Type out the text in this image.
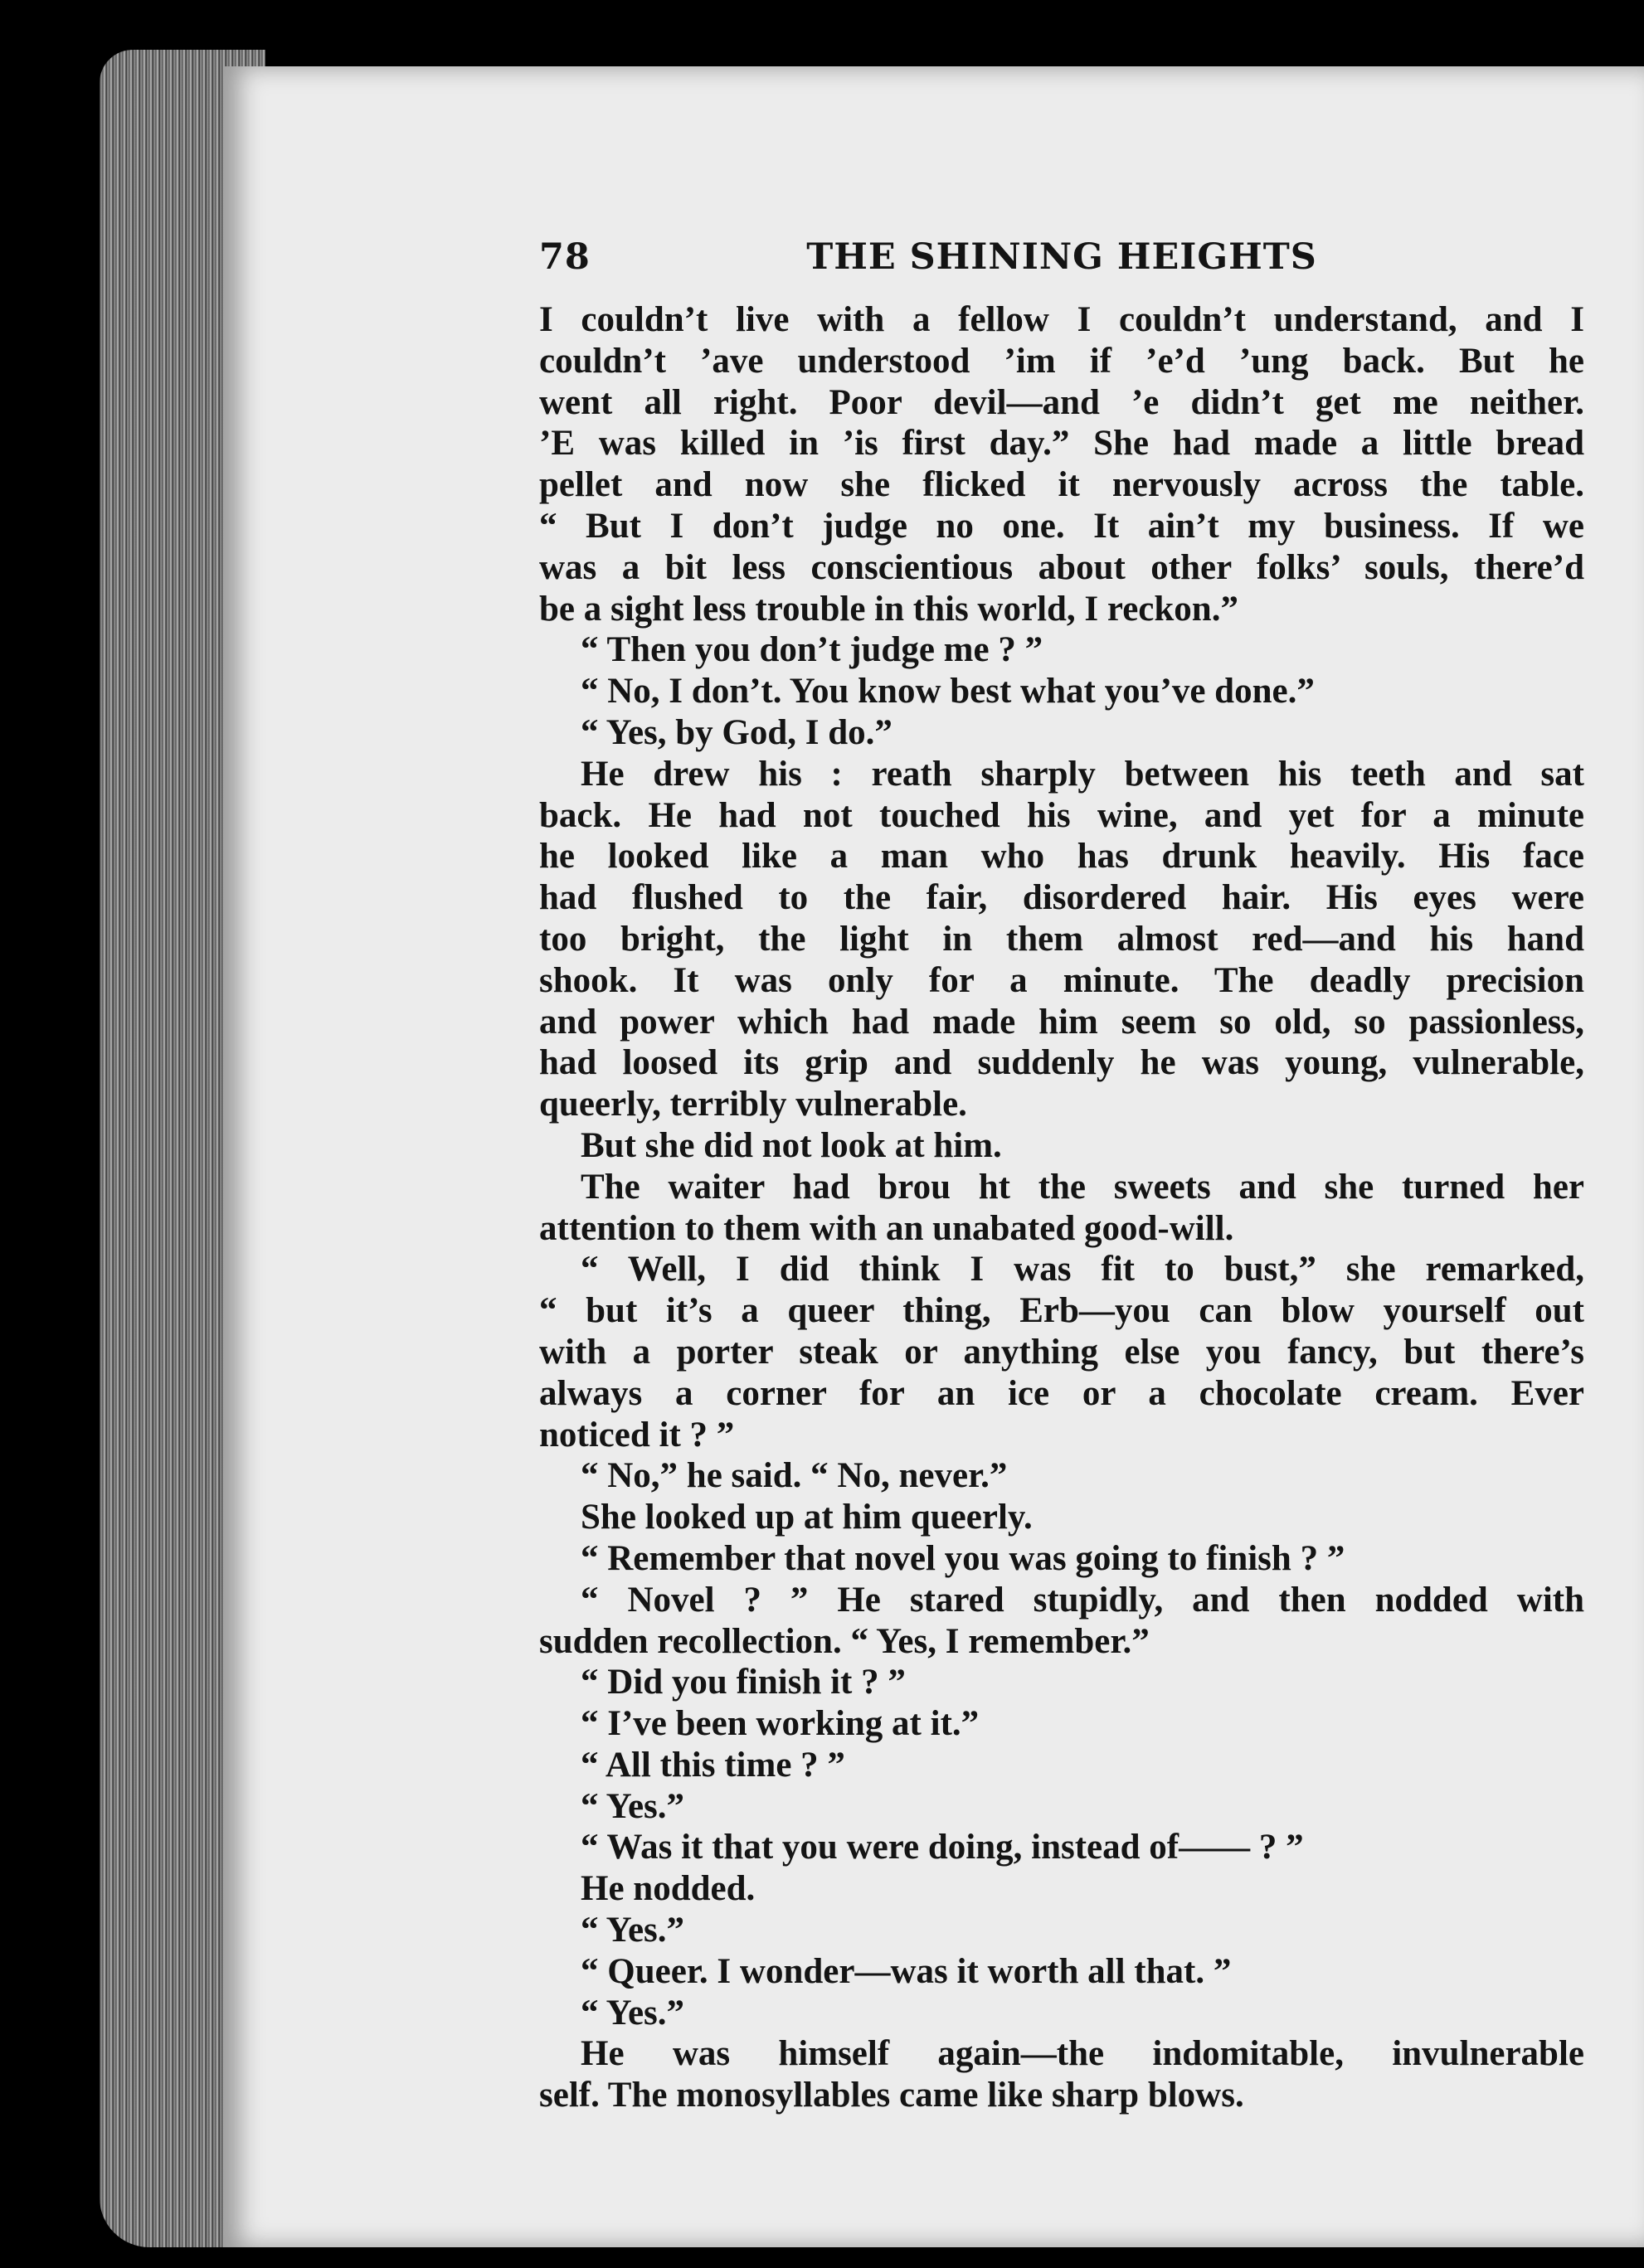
78	THE SHINING HEIGHTS
I couldn’t live with a fellow I couldn’t understand, and I
couldn’t ’ave understood ’im if ’e’d ’ung back. But he
went all right. Poor devil—and ’e didn’t get me neither.
’E was killed in ’is first day.” She had made a little bread
pellet and now she flicked it nervously across the table.
“ But I don’t judge no one. It ain’t my business. If we
was a bit less conscientious about other folks’ souls, there’d
be a sight less trouble in this world, I reckon.”
“ Then you don’t judge me ? ”
“ No, I don’t. You know best what you’ve done.”
“ Yes, by God, I do.”
He drew his : reath sharply between his teeth and sat
back. He had not touched his wine, and yet for a minute
he looked like a man who has drunk heavily. His face
had flushed to the fair, disordered hair. His eyes were
too bright, the light in them almost red—and his hand
shook. It was only for a minute. The deadly precision
and power which had made him seem so old, so passionless,
had loosed its grip and suddenly he was young, vulnerable,
queerly, terribly vulnerable.
But she did not look at him.
The waiter had brou ht the sweets and she turned her
attention to them with an unabated good-will.
“ Well, I did think I was fit to bust,” she remarked,
“ but it’s a queer thing, Erb—you can blow yourself out
with a porter steak or anything else you fancy, but there’s
always a corner for an ice or a chocolate cream. Ever
noticed it ? ”
“ No,” he said. “ No, never.”
She looked up at him queerly.
“ Remember that novel you was going to finish ? ”
“ Novel ? ” He stared stupidly, and then nodded with
sudden recollection. “ Yes, I remember.”
“ Did you finish it ? ”
“ I’ve been working at it.”
“ All this time ? ”
“ Yes.”
“ Was it that you were doing, instead of—— ? ”
He nodded.
“ Yes.”
“ Queer. I wonder—was it worth all that. ”
“ Yes.”
He was himself again—the indomitable, invulnerable
self. The monosyllables came like sharp blows.
